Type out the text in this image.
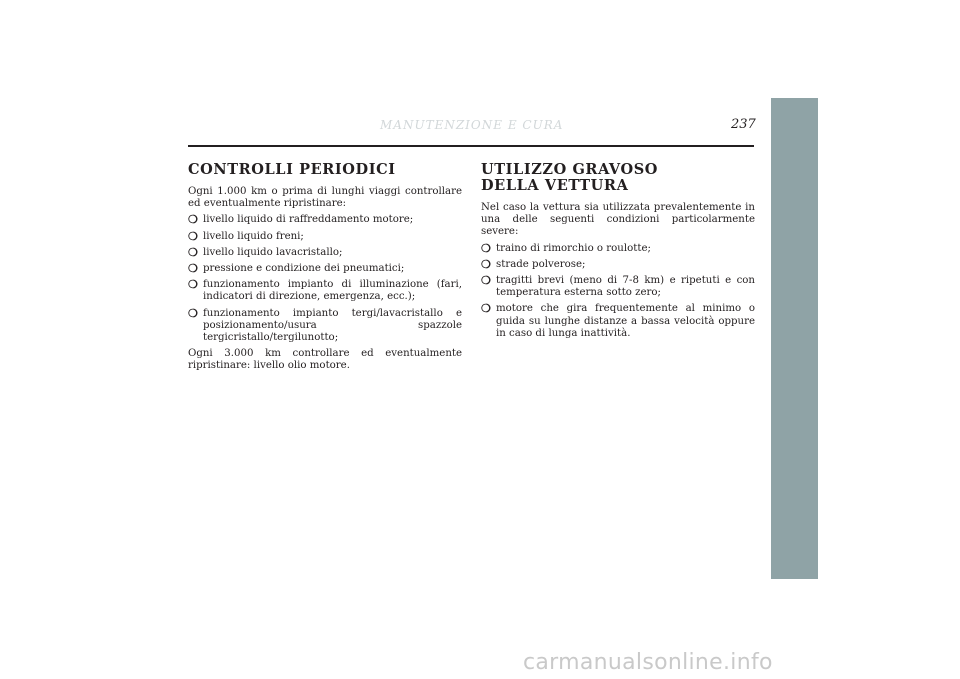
MANUTENZIONE E CURA	237
CONTROLLI PERIODICI

Ogni 1.000 km o prima di lunghi viaggi controllare ed eventualmente ripristinare:

❍ livello liquido di raffreddamento motore;
❍ livello liquido freni;
❍ livello liquido lavacristallo;
❍ pressione e condizione dei pneumatici;
❍ funzionamento impianto di illuminazione (fari, indicatori di direzione, emergenza, ecc.);
❍ funzionamento impianto tergi/lavacristallo e posizionamento/usura spazzole tergicristallo/tergilunotto;

Ogni 3.000 km controllare ed eventualmente ripristinare: livello olio motore.

UTILIZZO GRAVOSO
DELLA VETTURA

Nel caso la vettura sia utilizzata prevalentemente in una delle seguenti condizioni particolarmente severe:

❍ traino di rimorchio o roulotte;
❍ strade polverose;
❍ tragitti brevi (meno di 7-8 km) e ripetuti e con temperatura esterna sotto zero;
❍ motore che gira frequentemente al minimo o guida su lunghe distanze a bassa velocità oppure in caso di lunga inattività.
carmanualsonline.info
